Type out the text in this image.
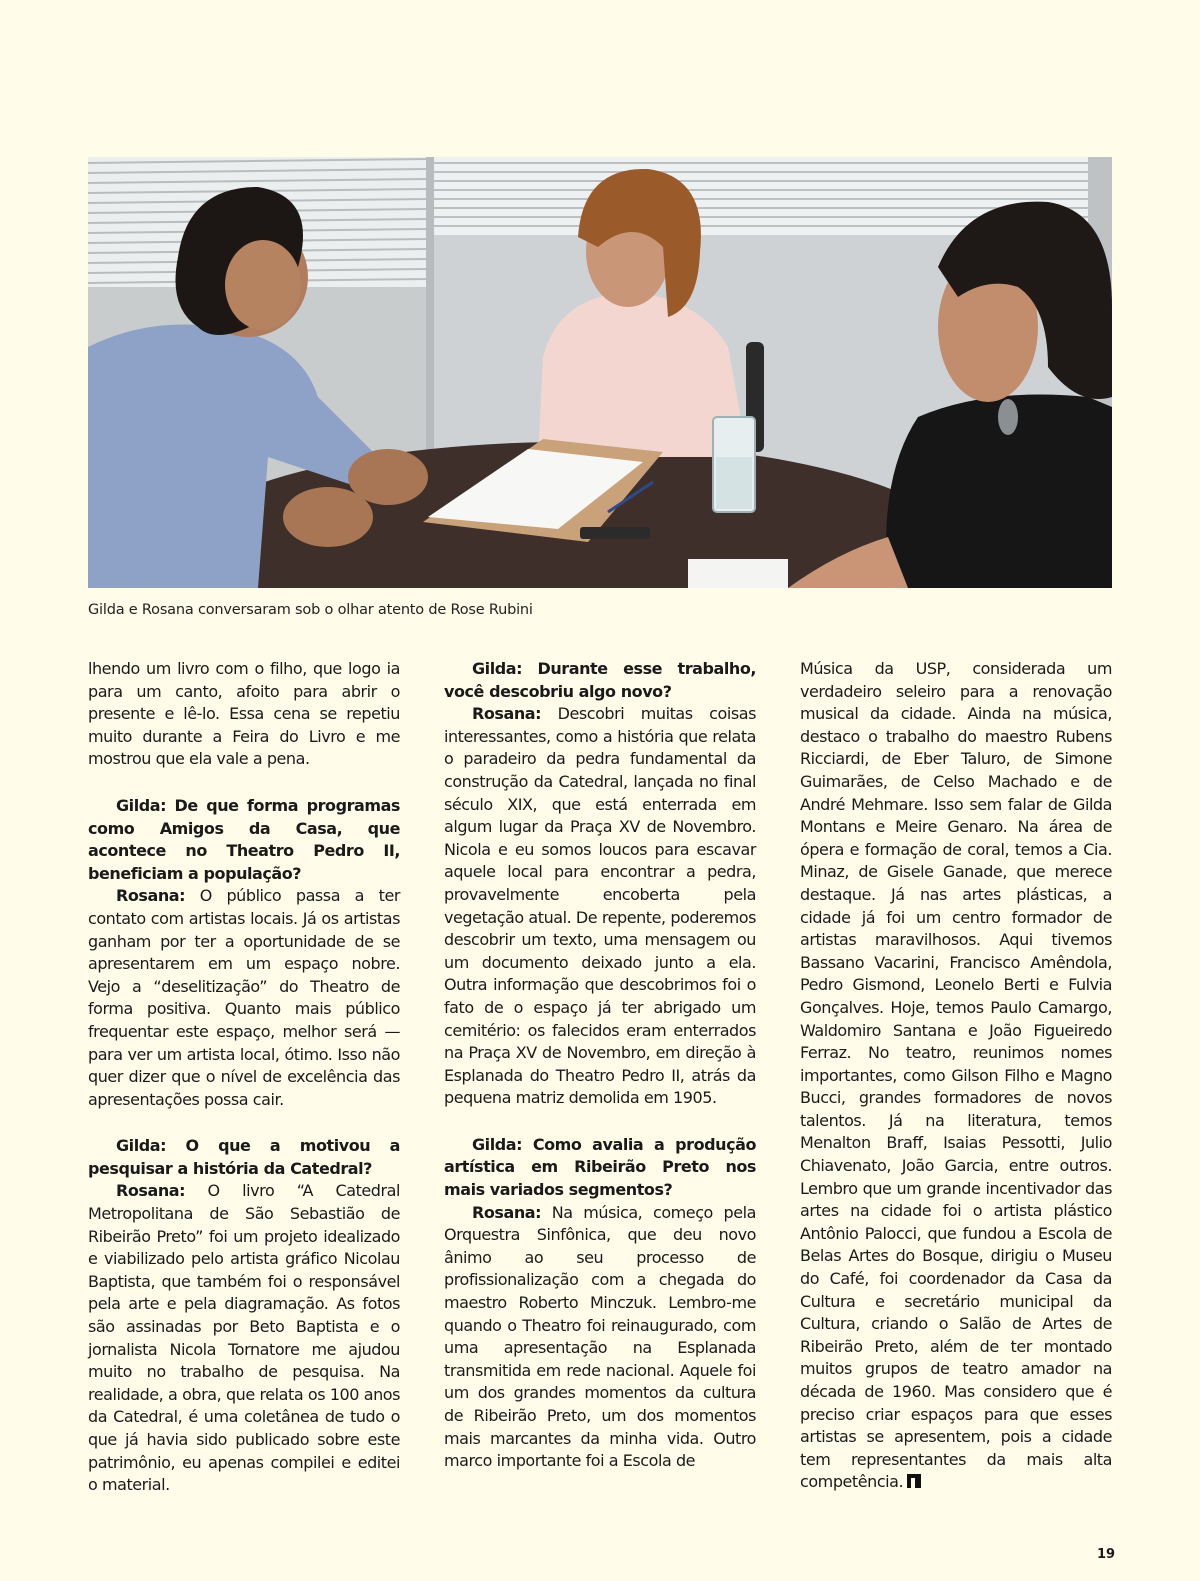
Gilda e Rosana conversaram sob o olhar atento de Rose Rubini

lhendo um livro com o filho, que logo ia para um canto, afoito para abrir o presente e lê-lo. Essa cena se repetiu muito durante a Feira do Livro e me mostrou que ela vale a pena.

Gilda: De que forma programas como Amigos da Casa, que acontece no Theatro Pedro II, beneficiam a população?

Rosana: O público passa a ter contato com artistas locais. Já os artistas ganham por ter a oportunidade de se apresentarem em um espaço nobre. Vejo a “deselitização” do Theatro de forma positiva. Quanto mais público frequentar este espaço, melhor será — para ver um artista local, ótimo. Isso não quer dizer que o nível de excelência das apresentações possa cair.

Gilda: O que a motivou a pesquisar a história da Catedral?

Rosana: O livro “A Catedral Metropolitana de São Sebastião de Ribeirão Preto” foi um projeto idealizado e viabilizado pelo artista gráfico Nicolau Baptista, que também foi o responsável pela arte e pela diagramação. As fotos são assinadas por Beto Baptista e o jornalista Nicola Tornatore me ajudou muito no trabalho de pesquisa. Na realidade, a obra, que relata os 100 anos da Catedral, é uma coletânea de tudo o que já havia sido publicado sobre este patrimônio, eu apenas compilei e editei o material.

Gilda: Durante esse trabalho, você descobriu algo novo?

Rosana: Descobri muitas coisas interessantes, como a história que relata o paradeiro da pedra fundamental da construção da Catedral, lançada no final século XIX, que está enterrada em algum lugar da Praça XV de Novembro. Nicola e eu somos loucos para escavar aquele local para encontrar a pedra, provavelmente encoberta pela vegetação atual. De repente, poderemos descobrir um texto, uma mensagem ou um documento deixado junto a ela. Outra informação que descobrimos foi o fato de o espaço já ter abrigado um cemitério: os falecidos eram enterrados na Praça XV de Novembro, em direção à Esplanada do Theatro Pedro II, atrás da pequena matriz demolida em 1905.

Gilda: Como avalia a produção artística em Ribeirão Preto nos mais variados segmentos?

Rosana: Na música, começo pela Orquestra Sinfônica, que deu novo ânimo ao seu processo de profissionalização com a chegada do maestro Roberto Minczuk. Lembro-me quando o Theatro foi reinaugurado, com uma apresentação na Esplanada transmitida em rede nacional. Aquele foi um dos grandes momentos da cultura de Ribeirão Preto, um dos momentos mais marcantes da minha vida. Outro marco importante foi a Escola de

Música da USP, considerada um verdadeiro seleiro para a renovação musical da cidade. Ainda na música, destaco o trabalho do maestro Rubens Ricciardi, de Eber Taluro, de Simone Guimarães, de Celso Machado e de André Mehmare. Isso sem falar de Gilda Montans e Meire Genaro. Na área de ópera e formação de coral, temos a Cia. Minaz, de Gisele Ganade, que merece destaque. Já nas artes plásticas, a cidade já foi um centro formador de artistas maravilhosos. Aqui tivemos Bassano Vacarini, Francisco Amêndola, Pedro Gismond, Leonelo Berti e Fulvia Gonçalves. Hoje, temos Paulo Camargo, Waldomiro Santana e João Figueiredo Ferraz. No teatro, reunimos nomes importantes, como Gilson Filho e Magno Bucci, grandes formadores de novos talentos. Já na literatura, temos Menalton Braff, Isaias Pessotti, Julio Chiavenato, João Garcia, entre outros. Lembro que um grande incentivador das artes na cidade foi o artista plástico Antônio Palocci, que fundou a Escola de Belas Artes do Bosque, dirigiu o Museu do Café, foi coordenador da Casa da Cultura e secretário municipal da Cultura, criando o Salão de Artes de Ribeirão Preto, além de ter montado muitos grupos de teatro amador na década de 1960. Mas considero que é preciso criar espaços para que esses artistas se apresentem, pois a cidade tem representantes da mais alta competência.

19
